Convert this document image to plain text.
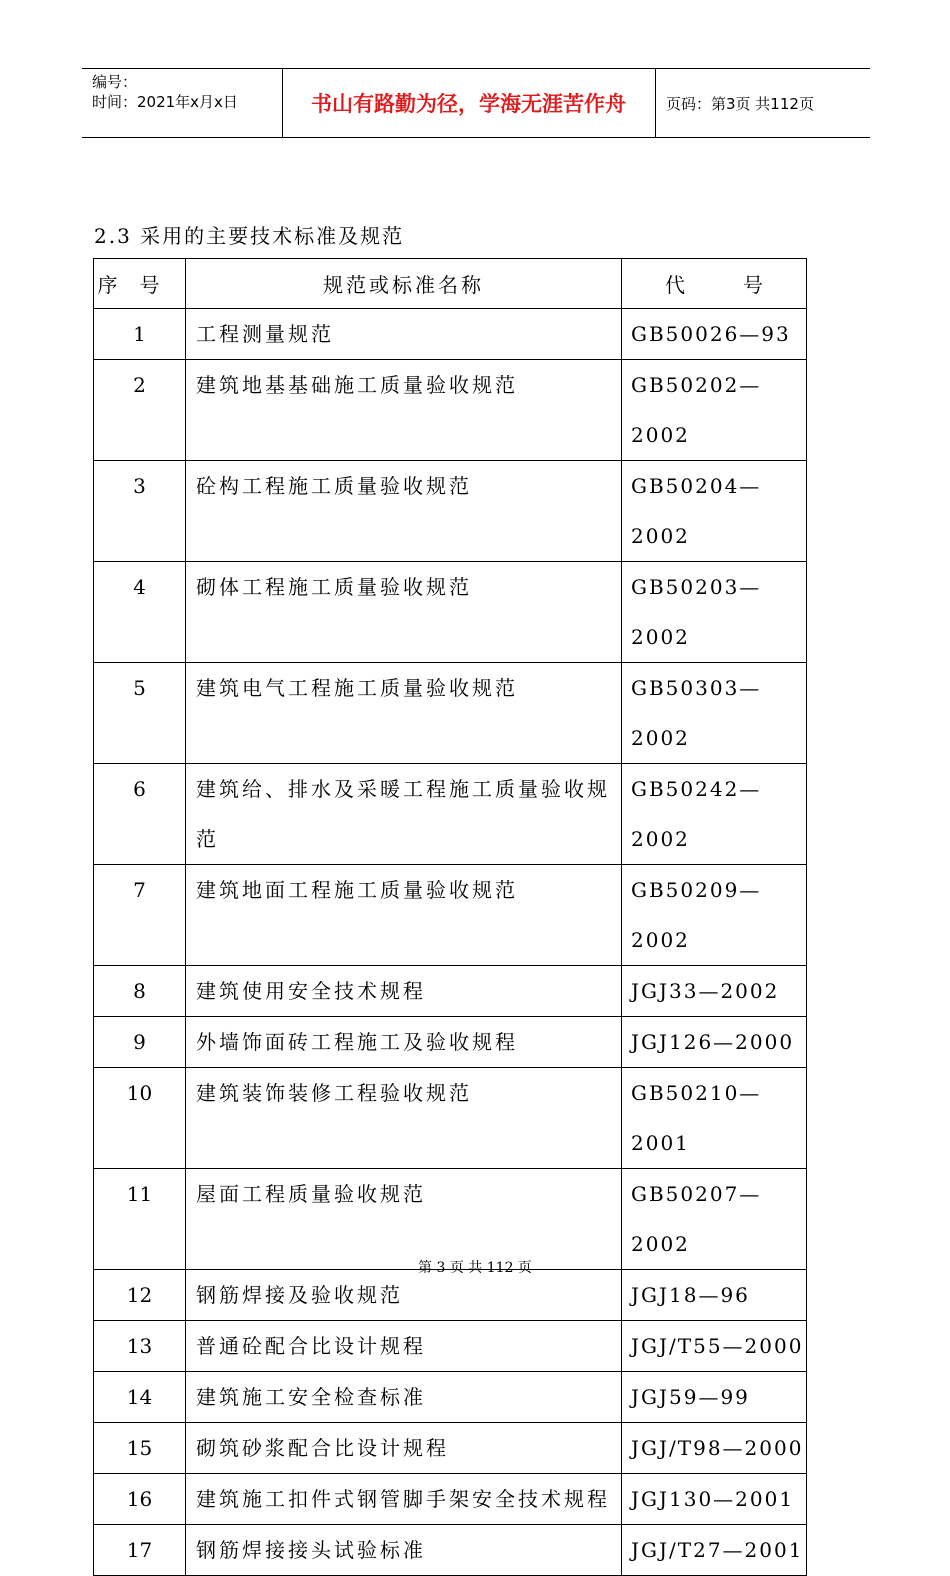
编号：
时间：2021年x月x日	书山有路勤为径，学海无涯苦作舟	页码：第3页 共112页
2.3 采用的主要技术标准及规范
序号	规范或标准名称	代 号
1	工程测量规范	GB50026—93
2	建筑地基基础施工质量验收规范	GB50202—2002
3	砼构工程施工质量验收规范	GB50204—2002
4	砌体工程施工质量验收规范	GB50203—2002
5	建筑电气工程施工质量验收规范	GB50303—2002
6	建筑给、排水及采暖工程施工质量验收规范	GB50242—2002
7	建筑地面工程施工质量验收规范	GB50209—2002
8	建筑使用安全技术规程	JGJ33—2002
9	外墙饰面砖工程施工及验收规程	JGJ126—2000
10	建筑装饰装修工程验收规范	GB50210—2001
11	屋面工程质量验收规范	GB50207—2002
12	钢筋焊接及验收规范	JGJ18—96
13	普通砼配合比设计规程	JGJ/T55—2000
14	建筑施工安全检查标准	JGJ59—99
15	砌筑砂浆配合比设计规程	JGJ/T98—2000
16	建筑施工扣件式钢管脚手架安全技术规程	JGJ130—2001
17	钢筋焊接接头试验标准	JGJ/T27—2001
第 3 页 共 112 页
